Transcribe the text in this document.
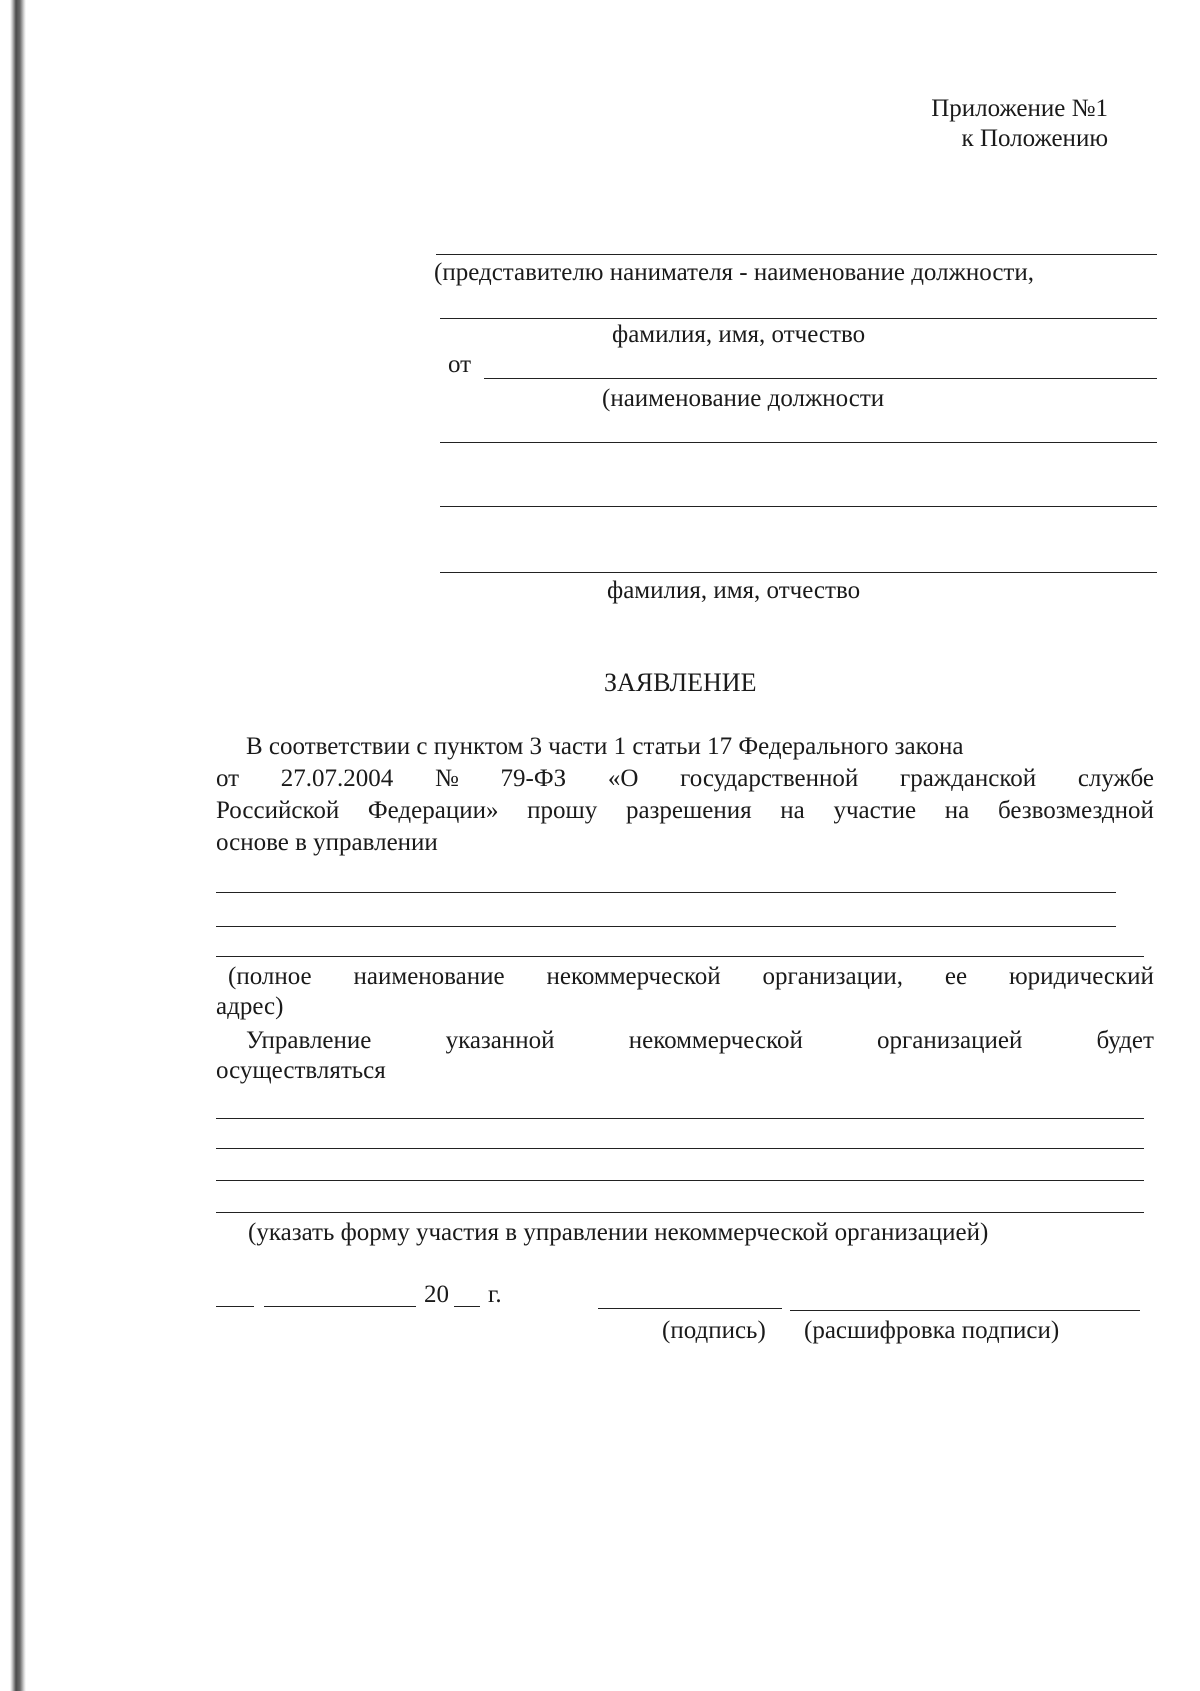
Приложение №1
к Положению
(представителю нанимателя - наименование должности,
фамилия, имя, отчество
от
(наименование должности
фамилия, имя, отчество
ЗАЯВЛЕНИЕ
В соответствии с пунктом 3 части 1 статьи 17 Федерального закона
от 27.07.2004 № 79-ФЗ «О государственной гражданской службе
Российской Федерации» прошу разрешения на участие на безвозмездной
основе в управлении
(полное наименование некоммерческой организации, ее юридический
адрес)
Управление	указанной	некоммерческой	организацией	будет
осуществляться
(указать форму участия в управлении некоммерческой организацией)
20 г.
(подпись) (расшифровка подписи)
